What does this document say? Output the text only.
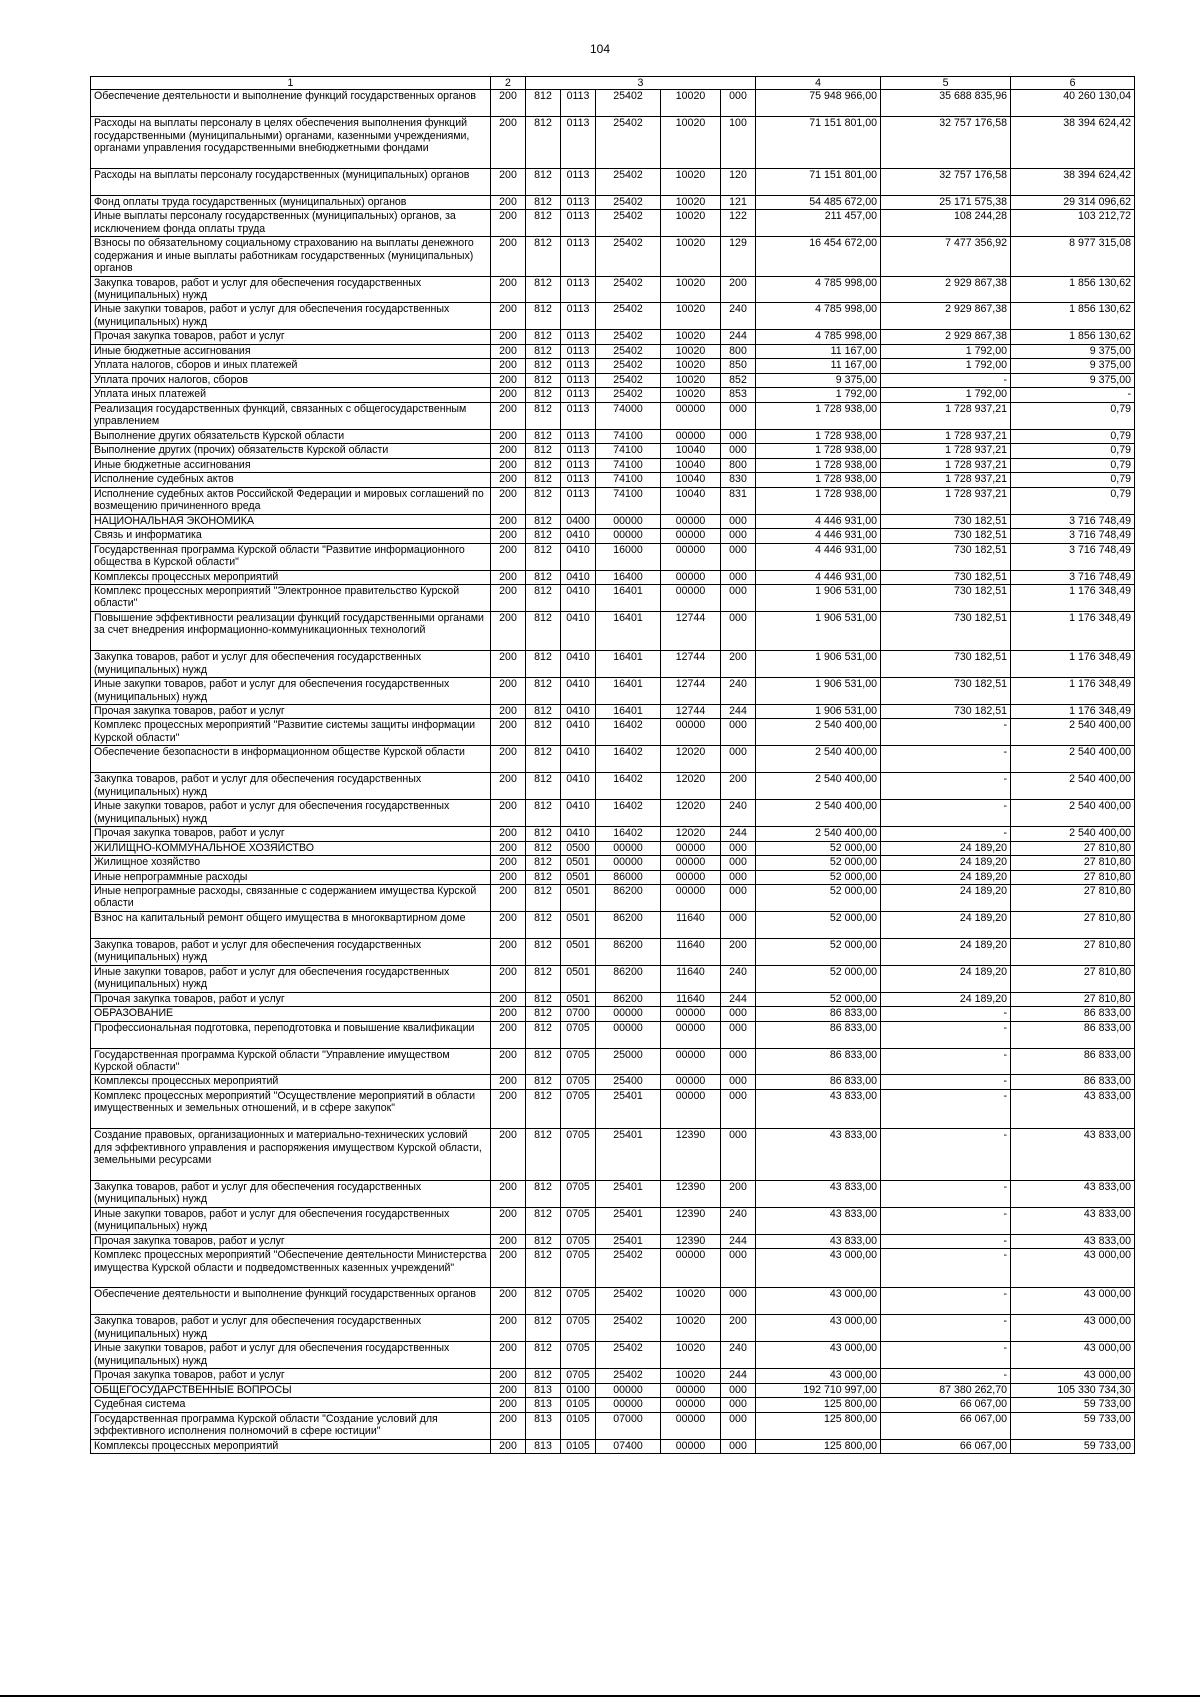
104
1	2	3					4	5	6
Обеспечение деятельности и выполнение функций государственных органов	200	812	0113	25402	10020	000	75 948 966,00	35 688 835,96	40 260 130,04
Расходы на выплаты персоналу в целях обеспечения выполнения функций государственными (муниципальными) органами, казенными учреждениями, органами управления государственными внебюджетными фондами	200	812	0113	25402	10020	100	71 151 801,00	32 757 176,58	38 394 624,42
Расходы на выплаты персоналу государственных (муниципальных) органов	200	812	0113	25402	10020	120	71 151 801,00	32 757 176,58	38 394 624,42
Фонд оплаты труда государственных (муниципальных) органов	200	812	0113	25402	10020	121	54 485 672,00	25 171 575,38	29 314 096,62
Иные выплаты персоналу государственных (муниципальных) органов, за исключением фонда оплаты труда	200	812	0113	25402	10020	122	211 457,00	108 244,28	103 212,72
Взносы по обязательному социальному страхованию на выплаты денежного содержания и иные выплаты работникам государственных (муниципальных) органов	200	812	0113	25402	10020	129	16 454 672,00	7 477 356,92	8 977 315,08
Закупка товаров, работ и услуг для обеспечения государственных (муниципальных) нужд	200	812	0113	25402	10020	200	4 785 998,00	2 929 867,38	1 856 130,62
Иные закупки товаров, работ и услуг для обеспечения государственных (муниципальных) нужд	200	812	0113	25402	10020	240	4 785 998,00	2 929 867,38	1 856 130,62
Прочая закупка товаров, работ и услуг	200	812	0113	25402	10020	244	4 785 998,00	2 929 867,38	1 856 130,62
Иные бюджетные ассигнования	200	812	0113	25402	10020	800	11 167,00	1 792,00	9 375,00
Уплата налогов, сборов и иных платежей	200	812	0113	25402	10020	850	11 167,00	1 792,00	9 375,00
Уплата прочих налогов, сборов	200	812	0113	25402	10020	852	9 375,00	-	9 375,00
Уплата иных платежей	200	812	0113	25402	10020	853	1 792,00	1 792,00	-
Реализация государственных функций, связанных с общегосударственным управлением	200	812	0113	74000	00000	000	1 728 938,00	1 728 937,21	0,79
Выполнение других обязательств Курской области	200	812	0113	74100	00000	000	1 728 938,00	1 728 937,21	0,79
Выполнение других (прочих) обязательств Курской области	200	812	0113	74100	10040	000	1 728 938,00	1 728 937,21	0,79
Иные бюджетные ассигнования	200	812	0113	74100	10040	800	1 728 938,00	1 728 937,21	0,79
Исполнение судебных актов	200	812	0113	74100	10040	830	1 728 938,00	1 728 937,21	0,79
Исполнение судебных актов Российской Федерации и мировых соглашений по возмещению причиненного вреда	200	812	0113	74100	10040	831	1 728 938,00	1 728 937,21	0,79
НАЦИОНАЛЬНАЯ ЭКОНОМИКА	200	812	0400	00000	00000	000	4 446 931,00	730 182,51	3 716 748,49
Связь и информатика	200	812	0410	00000	00000	000	4 446 931,00	730 182,51	3 716 748,49
Государственная программа Курской области "Развитие информационного общества в Курской области"	200	812	0410	16000	00000	000	4 446 931,00	730 182,51	3 716 748,49
Комплексы процессных мероприятий	200	812	0410	16400	00000	000	4 446 931,00	730 182,51	3 716 748,49
Комплекс процессных мероприятий "Электронное правительство Курской области"	200	812	0410	16401	00000	000	1 906 531,00	730 182,51	1 176 348,49
Повышение эффективности реализации функций государственными органами за счет внедрения информационно-коммуникационных технологий	200	812	0410	16401	12744	000	1 906 531,00	730 182,51	1 176 348,49
Закупка товаров, работ и услуг для обеспечения государственных (муниципальных) нужд	200	812	0410	16401	12744	200	1 906 531,00	730 182,51	1 176 348,49
Иные закупки товаров, работ и услуг для обеспечения государственных (муниципальных) нужд	200	812	0410	16401	12744	240	1 906 531,00	730 182,51	1 176 348,49
Прочая закупка товаров, работ и услуг	200	812	0410	16401	12744	244	1 906 531,00	730 182,51	1 176 348,49
Комплекс процессных мероприятий "Развитие системы защиты информации Курской области"	200	812	0410	16402	00000	000	2 540 400,00	-	2 540 400,00
Обеспечение безопасности в информационном обществе Курской области	200	812	0410	16402	12020	000	2 540 400,00	-	2 540 400,00
Закупка товаров, работ и услуг для обеспечения государственных (муниципальных) нужд	200	812	0410	16402	12020	200	2 540 400,00	-	2 540 400,00
Иные закупки товаров, работ и услуг для обеспечения государственных (муниципальных) нужд	200	812	0410	16402	12020	240	2 540 400,00	-	2 540 400,00
Прочая закупка товаров, работ и услуг	200	812	0410	16402	12020	244	2 540 400,00	-	2 540 400,00
ЖИЛИЩНО-КОММУНАЛЬНОЕ ХОЗЯЙСТВО	200	812	0500	00000	00000	000	52 000,00	24 189,20	27 810,80
Жилищное хозяйство	200	812	0501	00000	00000	000	52 000,00	24 189,20	27 810,80
Иные непрограммные расходы	200	812	0501	86000	00000	000	52 000,00	24 189,20	27 810,80
Иные непрограмные расходы, связанные с содержанием имущества Курской области	200	812	0501	86200	00000	000	52 000,00	24 189,20	27 810,80
Взнос на капитальный ремонт общего имущества в многоквартирном доме	200	812	0501	86200	11640	000	52 000,00	24 189,20	27 810,80
Закупка товаров, работ и услуг для обеспечения государственных (муниципальных) нужд	200	812	0501	86200	11640	200	52 000,00	24 189,20	27 810,80
Иные закупки товаров, работ и услуг для обеспечения государственных (муниципальных) нужд	200	812	0501	86200	11640	240	52 000,00	24 189,20	27 810,80
Прочая закупка товаров, работ и услуг	200	812	0501	86200	11640	244	52 000,00	24 189,20	27 810,80
ОБРАЗОВАНИЕ	200	812	0700	00000	00000	000	86 833,00	-	86 833,00
Профессиональная подготовка, переподготовка и повышение квалификации	200	812	0705	00000	00000	000	86 833,00	-	86 833,00
Государственная программа Курской области "Управление имуществом Курской области"	200	812	0705	25000	00000	000	86 833,00	-	86 833,00
Комплексы процессных мероприятий	200	812	0705	25400	00000	000	86 833,00	-	86 833,00
Комплекс процессных мероприятий "Осуществление мероприятий в области имущественных и земельных отношений, и в сфере закупок"	200	812	0705	25401	00000	000	43 833,00	-	43 833,00
Создание правовых, организационных и материально-технических условий для эффективного управления и распоряжения имуществом Курской области, земельными ресурсами	200	812	0705	25401	12390	000	43 833,00	-	43 833,00
Закупка товаров, работ и услуг для обеспечения государственных (муниципальных) нужд	200	812	0705	25401	12390	200	43 833,00	-	43 833,00
Иные закупки товаров, работ и услуг для обеспечения государственных (муниципальных) нужд	200	812	0705	25401	12390	240	43 833,00	-	43 833,00
Прочая закупка товаров, работ и услуг	200	812	0705	25401	12390	244	43 833,00	-	43 833,00
Комплекс процессных мероприятий "Обеспечение деятельности Министерства имущества Курской области и подведомственных казенных учреждений"	200	812	0705	25402	00000	000	43 000,00	-	43 000,00
Обеспечение деятельности и выполнение функций государственных органов	200	812	0705	25402	10020	000	43 000,00	-	43 000,00
Закупка товаров, работ и услуг для обеспечения государственных (муниципальных) нужд	200	812	0705	25402	10020	200	43 000,00	-	43 000,00
Иные закупки товаров, работ и услуг для обеспечения государственных (муниципальных) нужд	200	812	0705	25402	10020	240	43 000,00	-	43 000,00
Прочая закупка товаров, работ и услуг	200	812	0705	25402	10020	244	43 000,00	-	43 000,00
ОБЩЕГОСУДАРСТВЕННЫЕ ВОПРОСЫ	200	813	0100	00000	00000	000	192 710 997,00	87 380 262,70	105 330 734,30
Судебная система	200	813	0105	00000	00000	000	125 800,00	66 067,00	59 733,00
Государственная программа Курской области "Создание условий для эффективного исполнения полномочий в сфере юстиции"	200	813	0105	07000	00000	000	125 800,00	66 067,00	59 733,00
Комплексы процессных мероприятий	200	813	0105	07400	00000	000	125 800,00	66 067,00	59 733,00
